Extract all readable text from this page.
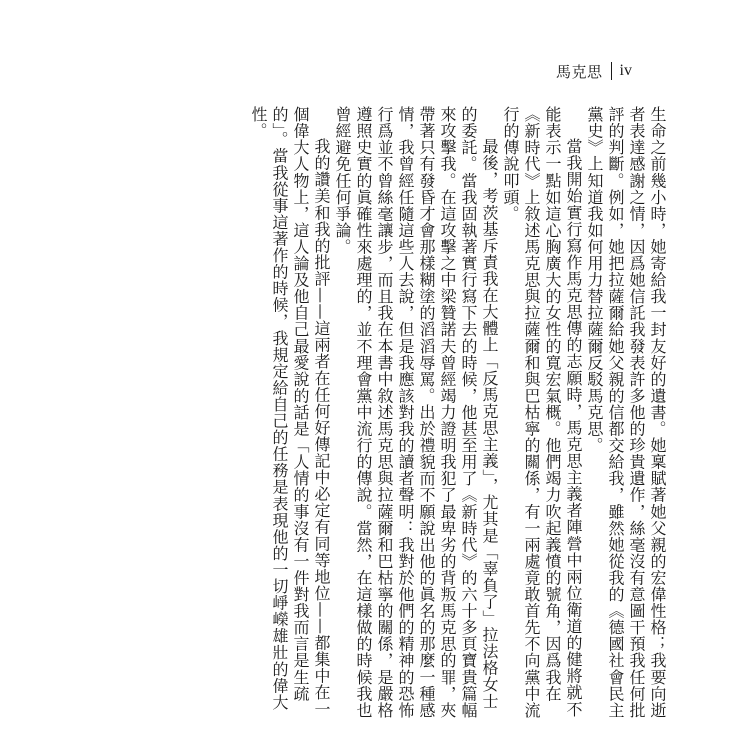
馬克思 iv

生命之前幾小時，她寄給我一封友好的遺書。她稟賦著她父親的宏偉性格；我要向逝者表達感謝之情，因爲她信託我發表許多他的珍貴遺作，絲毫沒有意圖干預我任何批評的判斷。例如，她把拉薩爾給她父親的信都交給我，雖然她從我的《德國社會民主黨史》上知道我如何用力替拉薩爾反駁馬克思。

當我開始實行寫作馬克思傳的志願時，馬克思主義者陣營中兩位衛道的健將就不能表示一點如這心胸廣大的女性的寬宏氣概。他們竭力吹起義憤的號角，因爲我在《新時代》上敘述馬克思與拉薩爾和與巴枯寧的關係，有一兩處竟敢首先不向黨中流行的傳說叩頭。

最後，考茨基斥責我在大體上「反馬克思主義」，尤其是「辜負了」拉法格女士的委託。當我固執著實行寫下去的時候，他甚至用了《新時代》的六十多頁寶貴篇幅來攻擊我。在這攻擊之中梁贊諾夫曾經竭力證明我犯了最卑劣的背叛馬克思的罪，夾帶著只有發昏才會那樣糊塗的滔滔辱罵。出於禮貌而不願說出他的眞名的那麼一種感情，我曾經任隨這些人去說，但是我應該對我的讀者聲明：我對於他們的精神的恐怖行爲並不曾絲毫讓步，而且我在本書中敘述馬克思與拉薩爾和巴枯寧的關係，是嚴格遵照史實的眞確性來處理的，並不理會黨中流行的傳說。當然，在這樣做的時候我也曾經避免任何爭論。

我的讚美和我的批評——這兩者在任何好傳記中必定有同等地位——都集中在一個偉大人物上，這人論及他自己最愛說的話是「人情的事沒有一件對我而言是生疏的」。當我從事這著作的時候，我規定給自己的任務是表現他的一切崢嶸雄壯的偉大性。
